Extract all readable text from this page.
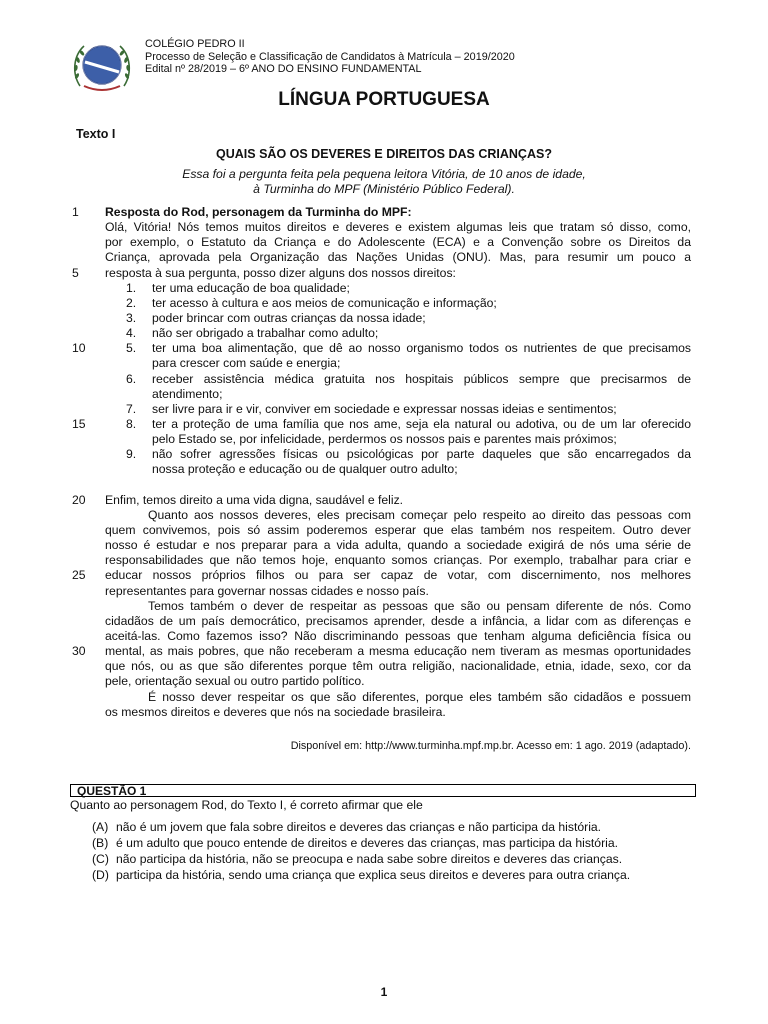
COLÉGIO PEDRO II
Processo de Seleção e Classificação de Candidatos à Matrícula – 2019/2020
Edital nº 28/2019 – 6º ANO DO ENSINO FUNDAMENTAL
LÍNGUA PORTUGUESA
Texto I
QUAIS SÃO OS DEVERES E DIREITOS DAS CRIANÇAS?
Essa foi a pergunta feita pela pequena leitora Vitória, de 10 anos de idade,
à Turminha do MPF (Ministério Público Federal).
1	Resposta do Rod, personagem da Turminha do MPF:
Olá, Vitória! Nós temos muitos direitos e deveres e existem algumas leis que tratam só disso, como,
por exemplo, o Estatuto da Criança e do Adolescente (ECA) e a Convenção sobre os Direitos da
Criança, aprovada pela Organização das Nações Unidas (ONU). Mas, para resumir um pouco a
5	resposta à sua pergunta, posso dizer alguns dos nossos direitos:
1. ter uma educação de boa qualidade;
2. ter acesso à cultura e aos meios de comunicação e informação;
3. poder brincar com outras crianças da nossa idade;
4. não ser obrigado a trabalhar como adulto;
10	5. ter uma boa alimentação, que dê ao nosso organismo todos os nutrientes de que precisamos
para crescer com saúde e energia;
6. receber assistência médica gratuita nos hospitais públicos sempre que precisarmos de
atendimento;
7. ser livre para ir e vir, conviver em sociedade e expressar nossas ideias e sentimentos;
15	8. ter a proteção de uma família que nos ame, seja ela natural ou adotiva, ou de um lar oferecido
pelo Estado se, por infelicidade, perdermos os nossos pais e parentes mais próximos;
9. não sofrer agressões físicas ou psicológicas por parte daqueles que são encarregados da
nossa proteção e educação ou de qualquer outro adulto;
20	Enfim, temos direito a uma vida digna, saudável e feliz.
Quanto aos nossos deveres, eles precisam começar pelo respeito ao direito das pessoas com
quem convivemos, pois só assim poderemos esperar que elas também nos respeitem. Outro dever
nosso é estudar e nos preparar para a vida adulta, quando a sociedade exigirá de nós uma série de
responsabilidades que não temos hoje, enquanto somos crianças. Por exemplo, trabalhar para criar e
25	educar nossos próprios filhos ou para ser capaz de votar, com discernimento, nos melhores
representantes para governar nossas cidades e nosso país.
Temos também o dever de respeitar as pessoas que são ou pensam diferente de nós. Como
cidadãos de um país democrático, precisamos aprender, desde a infância, a lidar com as diferenças e
aceitá-las. Como fazemos isso? Não discriminando pessoas que tenham alguma deficiência física ou
30	mental, as mais pobres, que não receberam a mesma educação nem tiveram as mesmas oportunidades
que nós, ou as que são diferentes porque têm outra religião, nacionalidade, etnia, idade, sexo, cor da
pele, orientação sexual ou outro partido político.
É nosso dever respeitar os que são diferentes, porque eles também são cidadãos e possuem
os mesmos direitos e deveres que nós na sociedade brasileira.
Disponível em: http://www.turminha.mpf.mp.br. Acesso em: 1 ago. 2019 (adaptado).
QUESTÃO 1
Quanto ao personagem Rod, do Texto I, é correto afirmar que ele
(A) não é um jovem que fala sobre direitos e deveres das crianças e não participa da história.
(B) é um adulto que pouco entende de direitos e deveres das crianças, mas participa da história.
(C) não participa da história, não se preocupa e nada sabe sobre direitos e deveres das crianças.
(D) participa da história, sendo uma criança que explica seus direitos e deveres para outra criança.
1
